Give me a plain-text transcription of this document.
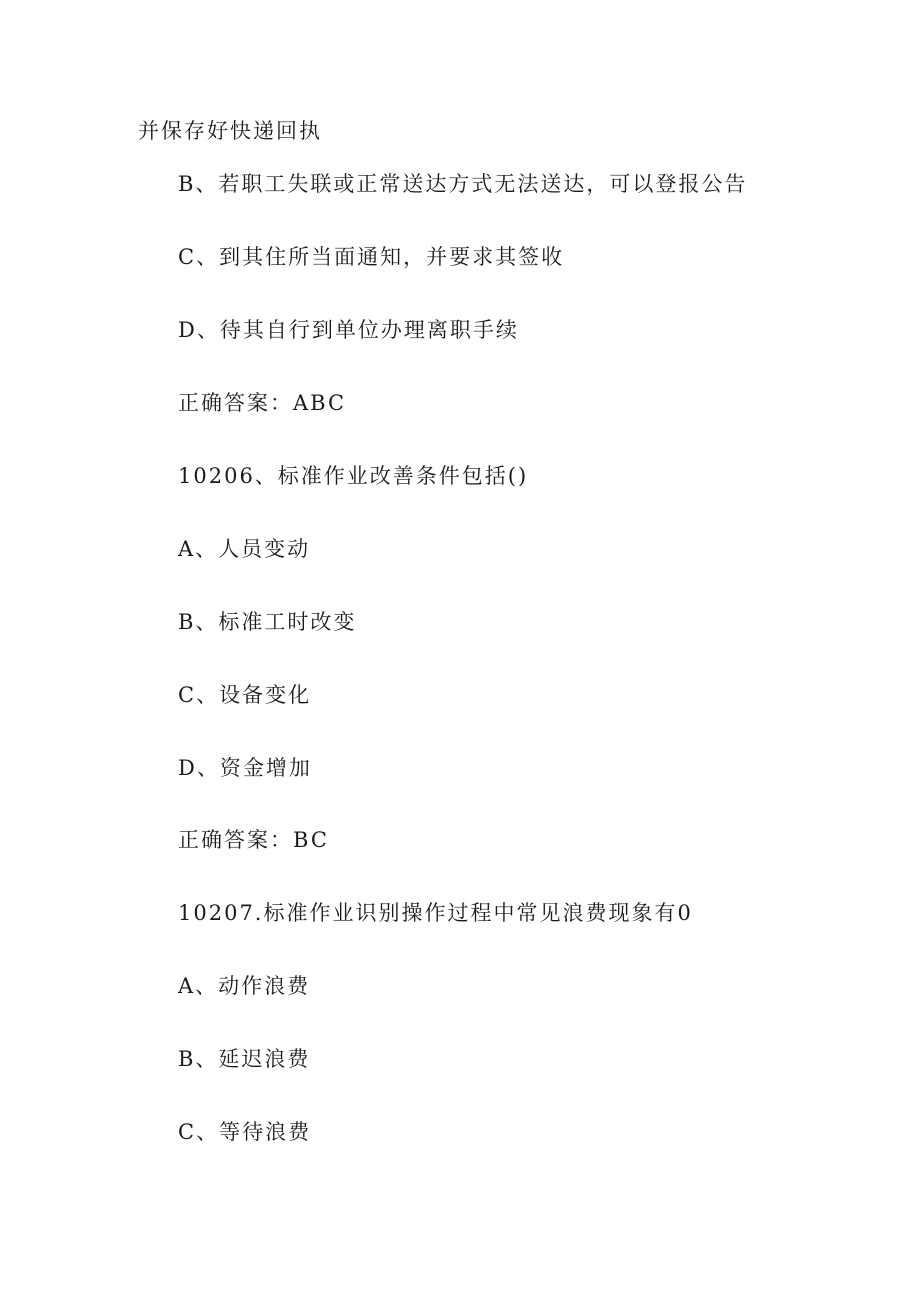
并保存好快递回执
B、若职工失联或正常送达方式无法送达，可以登报公告
C、到其住所当面通知，并要求其签收
D、待其自行到单位办理离职手续
正确答案：ABC
10206、标准作业改善条件包括()
A、人员变动
B、标准工时改变
C、设备变化
D、资金增加
正确答案：BC
10207.标准作业识别操作过程中常见浪费现象有0
A、动作浪费
B、延迟浪费
C、等待浪费
